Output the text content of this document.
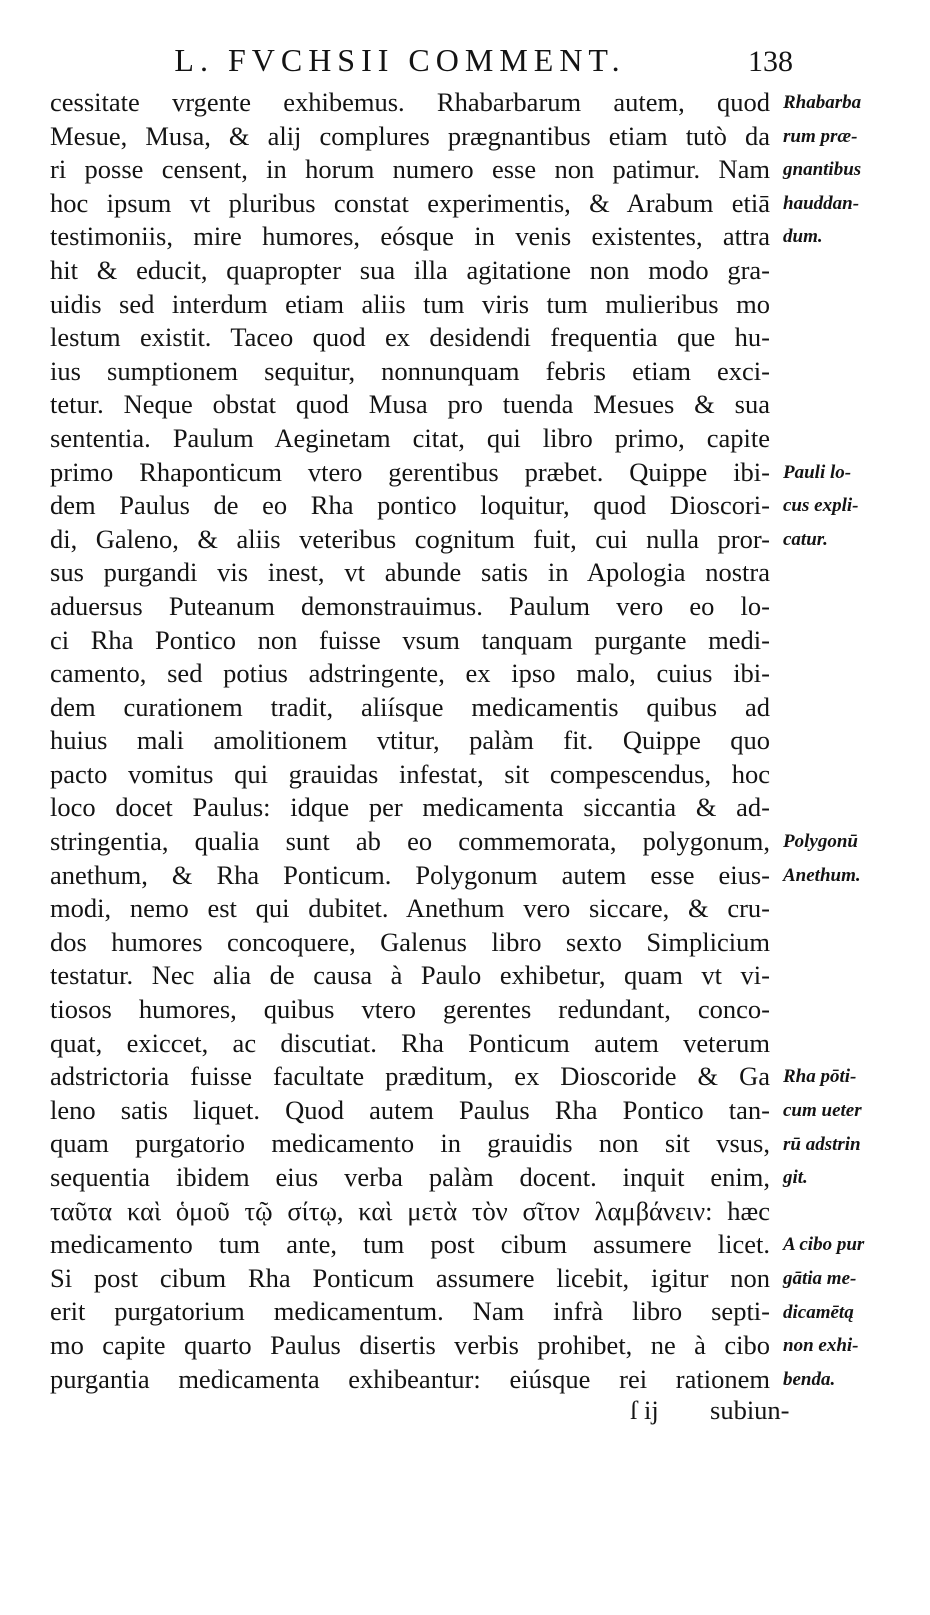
L. FVCHSII COMMENT.	138
cessitate vrgente exhibemus. Rhabarbarum autem, quod
Mesue, Musa, & alij complures prægnantibus etiam tutò da
ri posse censent, in horum numero esse non patimur. Nam
hoc ipsum vt pluribus constat experimentis, & Arabum etiā
testimoniis, mire humores, eósque in venis existentes, attra
hit & educit, quapropter sua illa agitatione non modo gra-
uidis sed interdum etiam aliis tum viris tum mulieribus mo
lestum existit. Taceo quod ex desidendi frequentia que hu-
ius sumptionem sequitur, nonnunquam febris etiam exci-
tetur. Neque obstat quod Musa pro tuenda Mesues & sua
sententia. Paulum Aeginetam citat, qui libro primo, capite
primo Rhaponticum vtero gerentibus præbet. Quippe ibi-
dem Paulus de eo Rha pontico loquitur, quod Dioscori-
di, Galeno, & aliis veteribus cognitum fuit, cui nulla pror-
sus purgandi vis inest, vt abunde satis in Apologia nostra
aduersus Puteanum demonstrauimus. Paulum vero eo lo-
ci Rha Pontico non fuisse vsum tanquam purgante medi-
camento, sed potius adstringente, ex ipso malo, cuius ibi-
dem curationem tradit, aliísque medicamentis quibus ad
huius mali amolitionem vtitur, palàm fit. Quippe quo
pacto vomitus qui grauidas infestat, sit compescendus, hoc
loco docet Paulus: idque per medicamenta siccantia & ad-
stringentia, qualia sunt ab eo commemorata, polygonum,
anethum, & Rha Ponticum. Polygonum autem esse eius-
modi, nemo est qui dubitet. Anethum vero siccare, & cru-
dos humores concoquere, Galenus libro sexto Simplicium
testatur. Nec alia de causa à Paulo exhibetur, quam vt vi-
tiosos humores, quibus vtero gerentes redundant, conco-
quat, exiccet, ac discutiat. Rha Ponticum autem veterum
adstrictoria fuisse facultate præditum, ex Dioscoride & Ga
leno satis liquet. Quod autem Paulus Rha Pontico tan-
quam purgatorio medicamento in grauidis non sit vsus,
sequentia ibidem eius verba palàm docent. inquit enim,
ταῦτα καὶ ὁμοῦ τῷ σίτῳ, καὶ μετὰ τὸν σῖτον λαμβάνειν: hæc
medicamento tum ante, tum post cibum assumere licet.
Si post cibum Rha Ponticum assumere licebit, igitur non
erit purgatorium medicamentum. Nam infrà libro septi-
mo capite quarto Paulus disertis verbis prohibet, ne à cibo
purgantia medicamenta exhibeantur: eiúsque rei rationem
Rhabarba
rum præ-
gnantibus
hauddan-
dum.
Pauli lo-
cus expli-
catur.
Polygonū
Anethum.
Rha pōti-
cum ueter
rū adstrin
git.
A cibo pur
gātia me-
dicamētą
non exhi-
benda.
ſ ij subiun-
